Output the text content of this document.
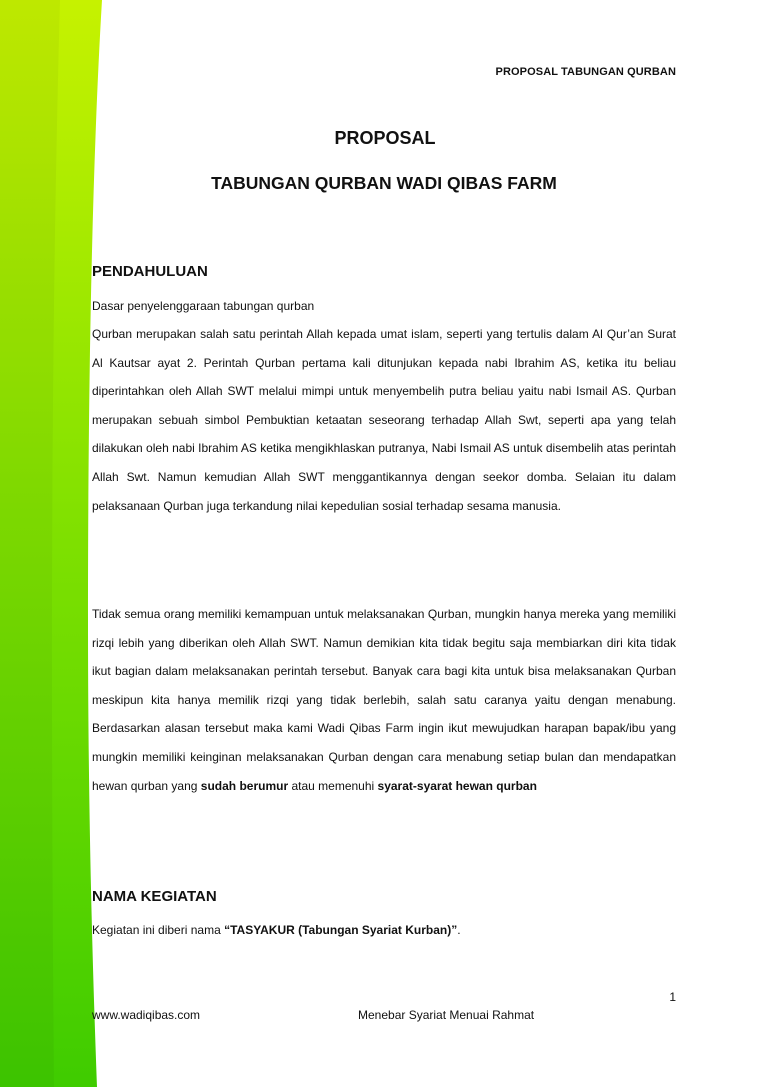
PROPOSAL TABUNGAN QURBAN
PROPOSAL
TABUNGAN QURBAN WADI QIBAS FARM
PENDAHULUAN
Dasar penyelenggaraan tabungan qurban
Qurban merupakan salah satu perintah Allah kepada umat islam, seperti yang tertulis dalam Al Qur’an Surat Al Kautsar ayat 2. Perintah Qurban pertama kali ditunjukan kepada nabi Ibrahim AS, ketika itu beliau diperintahkan oleh Allah SWT melalui mimpi untuk menyembelih putra beliau yaitu nabi Ismail AS. Qurban merupakan sebuah simbol Pembuktian ketaatan seseorang terhadap Allah Swt, seperti apa yang telah dilakukan oleh nabi Ibrahim AS ketika mengikhlaskan putranya, Nabi Ismail AS untuk disembelih atas perintah Allah Swt. Namun kemudian Allah SWT menggantikannya dengan seekor domba. Selaian itu dalam pelaksanaan Qurban juga terkandung nilai kepedulian sosial terhadap sesama manusia.
Tidak semua orang memiliki kemampuan untuk melaksanakan Qurban, mungkin hanya mereka yang memiliki rizqi lebih yang diberikan oleh Allah SWT. Namun demikian kita tidak begitu saja membiarkan diri kita tidak ikut bagian dalam melaksanakan perintah tersebut. Banyak cara bagi kita untuk bisa melaksanakan Qurban meskipun kita hanya memilik rizqi yang tidak berlebih, salah satu caranya yaitu dengan menabung. Berdasarkan alasan tersebut maka kami Wadi Qibas Farm ingin ikut mewujudkan harapan bapak/ibu yang mungkin memiliki keinginan melaksanakan Qurban dengan cara menabung setiap bulan dan mendapatkan hewan qurban yang sudah berumur atau memenuhi syarat-syarat hewan qurban
NAMA KEGIATAN
Kegiatan ini diberi nama “TASYAKUR (Tabungan Syariat Kurban)”.
1
www.wadiqibas.com	Menebar Syariat Menuai Rahmat
